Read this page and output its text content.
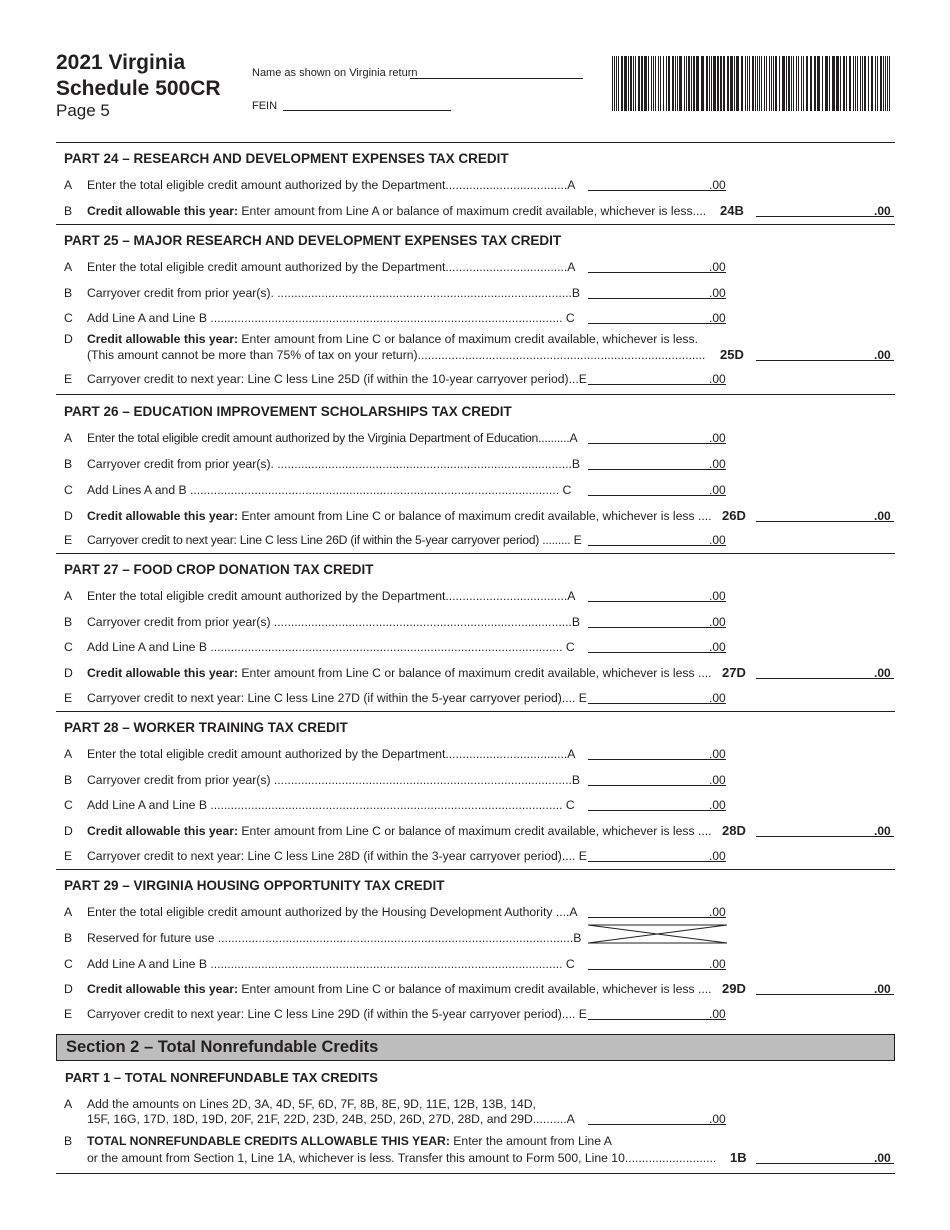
2021 Virginia
Schedule 500CR
Page 5
Name as shown on Virginia return
FEIN
PART 24 – RESEARCH AND DEVELOPMENT EXPENSES TAX CREDIT
A Enter the total eligible credit amount authorized by the Department....................................A	.00
B Credit allowable this year: Enter amount from Line A or balance of maximum credit available, whichever is less....	24B	.00
PART 25 – MAJOR RESEARCH AND DEVELOPMENT EXPENSES TAX CREDIT
A Enter the total eligible credit amount authorized by the Department....................................A	.00
B Carryover credit from prior year(s). .......................................................................................B	.00
C Add Line A and Line B ........................................................................................................ C	.00
D Credit allowable this year: Enter amount from Line C or balance of maximum credit available, whichever is less.
(This amount cannot be more than 75% of tax on your return).....................................................................................	25D	.00
E Carryover credit to next year: Line C less Line 25D (if within the 10-year carryover period)...E	.00
PART 26 – EDUCATION IMPROVEMENT SCHOLARSHIPS TAX CREDIT
A Enter the total eligible credit amount authorized by the Virginia Department of Education..........A	.00
B Carryover credit from prior year(s). .......................................................................................B	.00
C Add Lines A and B ............................................................................................................. C	.00
D Credit allowable this year: Enter amount from Line C or balance of maximum credit available, whichever is less .... 26D	.00
E Carryover credit to next year: Line C less Line 26D (if within the 5-year carryover period) ......... E	.00
PART 27 – FOOD CROP DONATION TAX CREDIT
A Enter the total eligible credit amount authorized by the Department....................................A	.00
B Carryover credit from prior year(s) ........................................................................................B	.00
C Add Line A and Line B ........................................................................................................ C	.00
D Credit allowable this year: Enter amount from Line C or balance of maximum credit available, whichever is less .... 27D	.00
E Carryover credit to next year: Line C less Line 27D (if within the 5-year carryover period).... E	.00
PART 28 – WORKER TRAINING TAX CREDIT
A Enter the total eligible credit amount authorized by the Department....................................A	.00
B Carryover credit from prior year(s) ........................................................................................B	.00
C Add Line A and Line B ........................................................................................................ C	.00
D Credit allowable this year: Enter amount from Line C or balance of maximum credit available, whichever is less .... 28D	.00
E Carryover credit to next year: Line C less Line 28D (if within the 3-year carryover period).... E	.00
PART 29 – VIRGINIA HOUSING OPPORTUNITY TAX CREDIT
A Enter the total eligible credit amount authorized by the Housing Development Authority ....A	.00
B Reserved for future use .........................................................................................................B
C Add Line A and Line B ........................................................................................................ C	.00
D Credit allowable this year: Enter amount from Line C or balance of maximum credit available, whichever is less .... 29D	.00
E Carryover credit to next year: Line C less Line 29D (if within the 5-year carryover period).... E	.00
Section 2 – Total Nonrefundable Credits
PART 1 – TOTAL NONREFUNDABLE TAX CREDITS
A Add the amounts on Lines 2D, 3A, 4D, 5F, 6D, 7F, 8B, 8E, 9D, 11E, 12B, 13B, 14D,
15F, 16G, 17D, 18D, 19D, 20F, 21F, 22D, 23D, 24B, 25D, 26D, 27D, 28D, and 29D..........A	.00
B TOTAL NONREFUNDABLE CREDITS ALLOWABLE THIS YEAR: Enter the amount from Line A
or the amount from Section 1, Line 1A, whichever is less. Transfer this amount to Form 500, Line 10...........................	1B	.00
